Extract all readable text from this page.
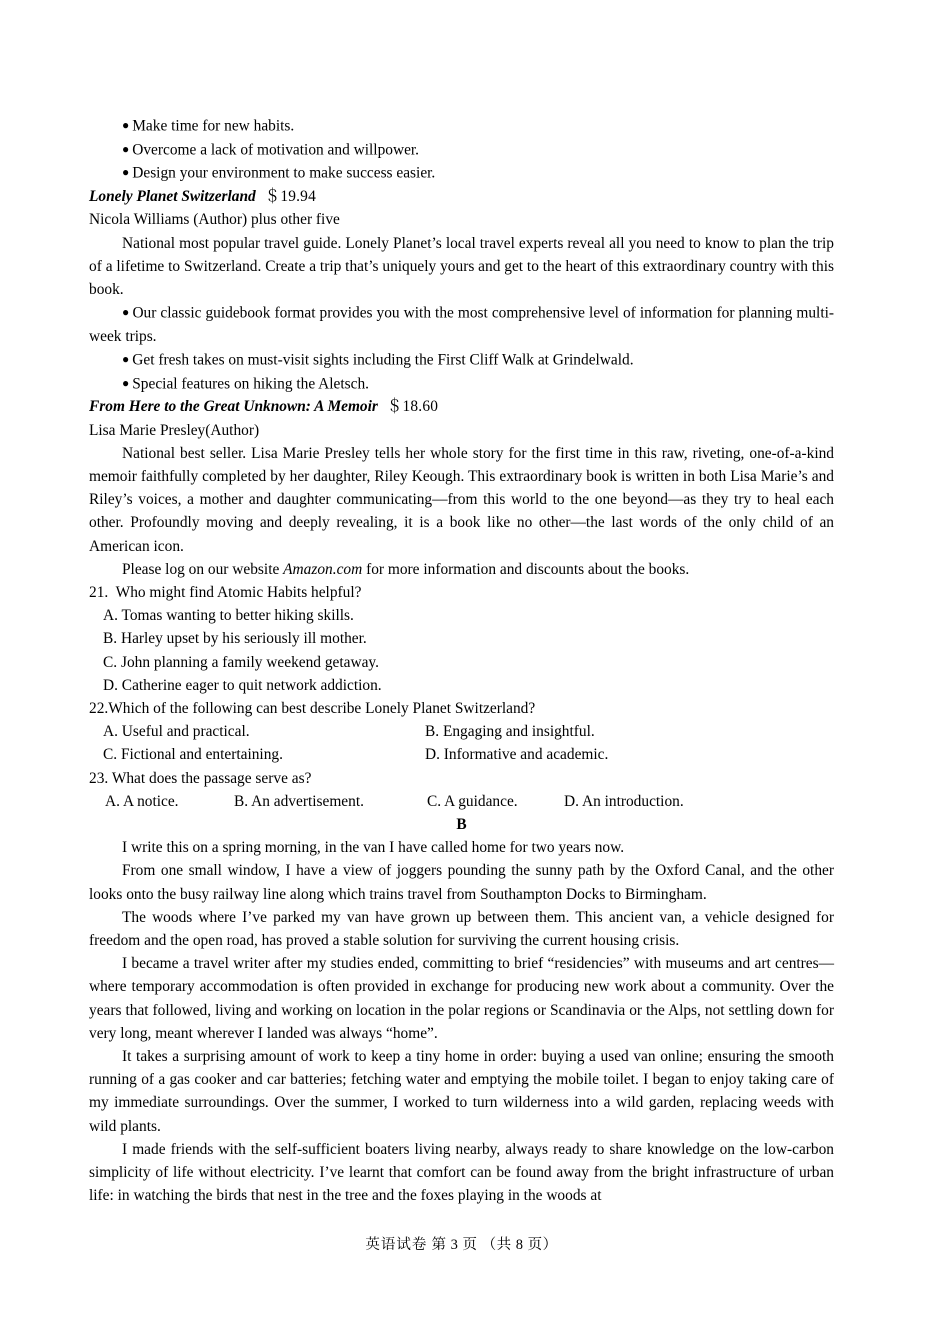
● Make time for new habits.

● Overcome a lack of motivation and willpower.

● Design your environment to make success easier.

Lonely Planet Switzerland ＄19.94

Nicola Williams (Author) plus other five

National most popular travel guide. Lonely Planet’s local travel experts reveal all you need to know to plan the trip of a lifetime to Switzerland. Create a trip that’s uniquely yours and get to the heart of this extraordinary country with this book.

● Our classic guidebook format provides you with the most comprehensive level of information for planning multi-week trips.

● Get fresh takes on must-visit sights including the First Cliff Walk at Grindelwald.

● Special features on hiking the Aletsch.

From Here to the Great Unknown: A Memoir ＄18.60

Lisa Marie Presley(Author)

National best seller. Lisa Marie Presley tells her whole story for the first time in this raw, riveting, one-of-a-kind memoir faithfully completed by her daughter, Riley Keough. This extraordinary book is written in both Lisa Marie’s and Riley’s voices, a mother and daughter communicating—from this world to the one beyond—as they try to heal each other. Profoundly moving and deeply revealing, it is a book like no other—the last words of the only child of an American icon.

Please log on our website Amazon.com for more information and discounts about the books.

21. Who might find Atomic Habits helpful?

A. Tomas wanting to better hiking skills.

B. Harley upset by his seriously ill mother.

C. John planning a family weekend getaway.

D. Catherine eager to quit network addiction.

22.Which of the following can best describe Lonely Planet Switzerland?

A. Useful and practical.	B. Engaging and insightful.
C. Fictional and entertaining.	D. Informative and academic.

23. What does the passage serve as?

A. A notice.	B. An advertisement.	C. A guidance.	D. An introduction.

B

I write this on a spring morning, in the van I have called home for two years now.

From one small window, I have a view of joggers pounding the sunny path by the Oxford Canal, and the other looks onto the busy railway line along which trains travel from Southampton Docks to Birmingham.

The woods where I’ve parked my van have grown up between them. This ancient van, a vehicle designed for freedom and the open road, has proved a stable solution for surviving the current housing crisis.

I became a travel writer after my studies ended, committing to brief “residencies” with museums and art centres—where temporary accommodation is often provided in exchange for producing new work about a community. Over the years that followed, living and working on location in the polar regions or Scandinavia or the Alps, not settling down for very long, meant wherever I landed was always “home”.

It takes a surprising amount of work to keep a tiny home in order: buying a used van online; ensuring the smooth running of a gas cooker and car batteries; fetching water and emptying the mobile toilet. I began to enjoy taking care of my immediate surroundings. Over the summer, I worked to turn wilderness into a wild garden, replacing weeds with wild plants.

I made friends with the self-sufficient boaters living nearby, always ready to share knowledge on the low-carbon simplicity of life without electricity. I’ve learnt that comfort can be found away from the bright infrastructure of urban life: in watching the birds that nest in the tree and the foxes playing in the woods at

英语试卷 第 3 页 （共 8 页）
